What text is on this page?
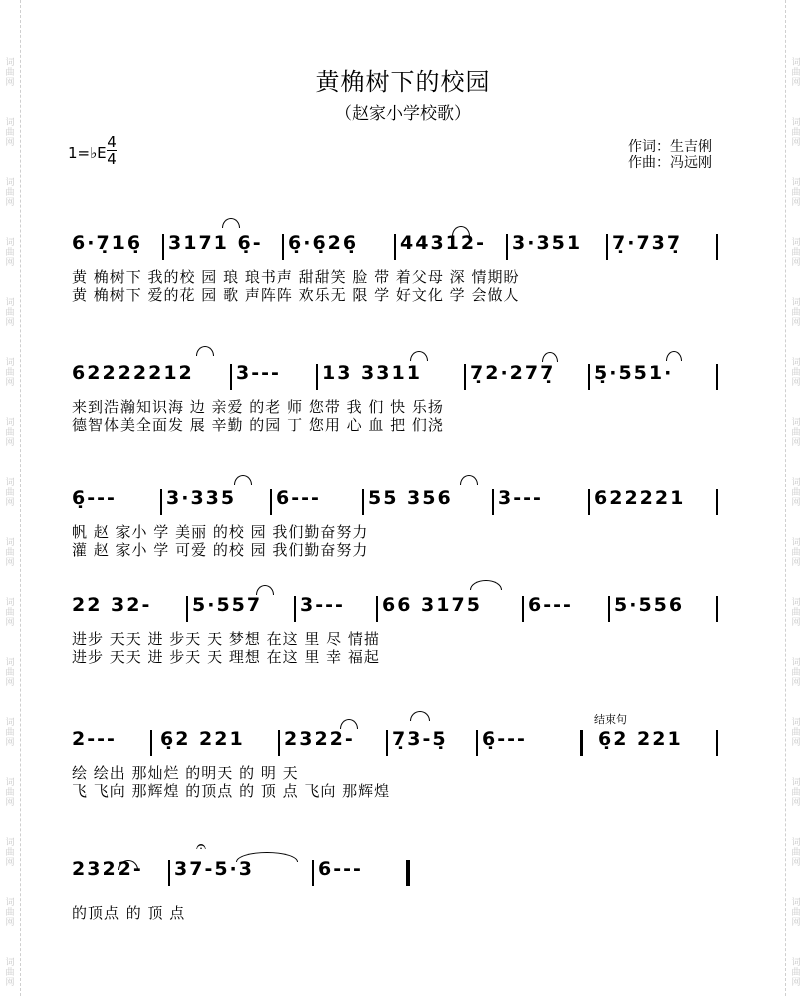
词
曲
网
词
曲
网
词
曲
网
词
曲
网
词
曲
网
词
曲
网
词
曲
网
词
曲
网
词
曲
网
词
曲
网
词
曲
网
词
曲
网
词
曲
网
词
曲
网
词
曲
网
词
曲
网
词
曲
网
词
曲
网
词
曲
网
词
曲
网
词
曲
网
词
曲
网
词
曲
网
词
曲
网
词
曲
网
词
曲
网
词
曲
网
词
曲
网
词
曲
网
词
曲
网
词
曲
网
词
曲
网
黄桷树下的校园
（赵家小学校歌）
1=♭E
4
4
作词：生吉俐
作曲：冯远刚
结束句
6·7̣16̣ 3171 6̣- 6̣·6̣26̣ 44312- 3·351 7̣·737̣
黄 桷树下 我的校 园 琅 琅书声 甜甜笑 脸 带 着父母 深 情期盼
黄 桷树下 爱的花 园 歌 声阵阵 欢乐无 限 学 好文化 学 会做人
62222212 3--- 13 3311	7̣2·277̣ 5̣·551·
来到浩瀚知识海 边 亲爱 的老 师 您带 我 们 快 乐扬
德智体美全面发 展 辛勤 的园 丁 您用 心 血 把 们浇
6̣---	3·335 6--- 55 356 3---	622221
帆 赵 家小 学 美丽 的校 园 我们勤奋努力
灌 赵 家小 学 可爱 的校 园 我们勤奋努力
22 32- 5·557 3--- 66 3175 6--- 5·556
进步 天天 进 步天 天 梦想 在这 里 尽 情描
进步 天天 进 步天 天 理想 在这 里 幸 福起
2--- 6̣2 221 2322- 7̣3-5̣ 6̣---	6̣2 221
绘 绘出 那灿烂 的明天 的 明 天
飞 飞向 那辉煌 的顶点 的 顶 点 飞向 那辉煌
2322- 37-5·3	6---
的顶点 的 顶 点
𝄐
